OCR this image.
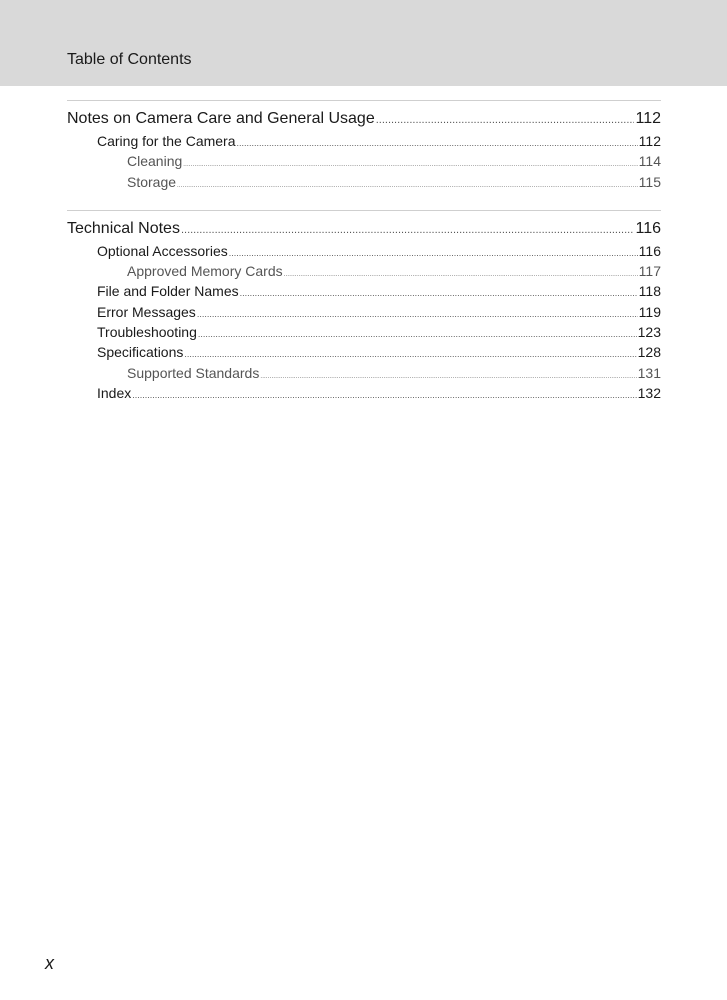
Table of Contents
Notes on Camera Care and General Usage .....	112
Caring for the Camera .....	112
Cleaning .....	114
Storage .....	115
Technical Notes .....	116
Optional Accessories .....	116
Approved Memory Cards .....	117
File and Folder Names .....	118
Error Messages .....	119
Troubleshooting .....	123
Specifications .....	128
Supported Standards .....	131
Index .....	132
x
